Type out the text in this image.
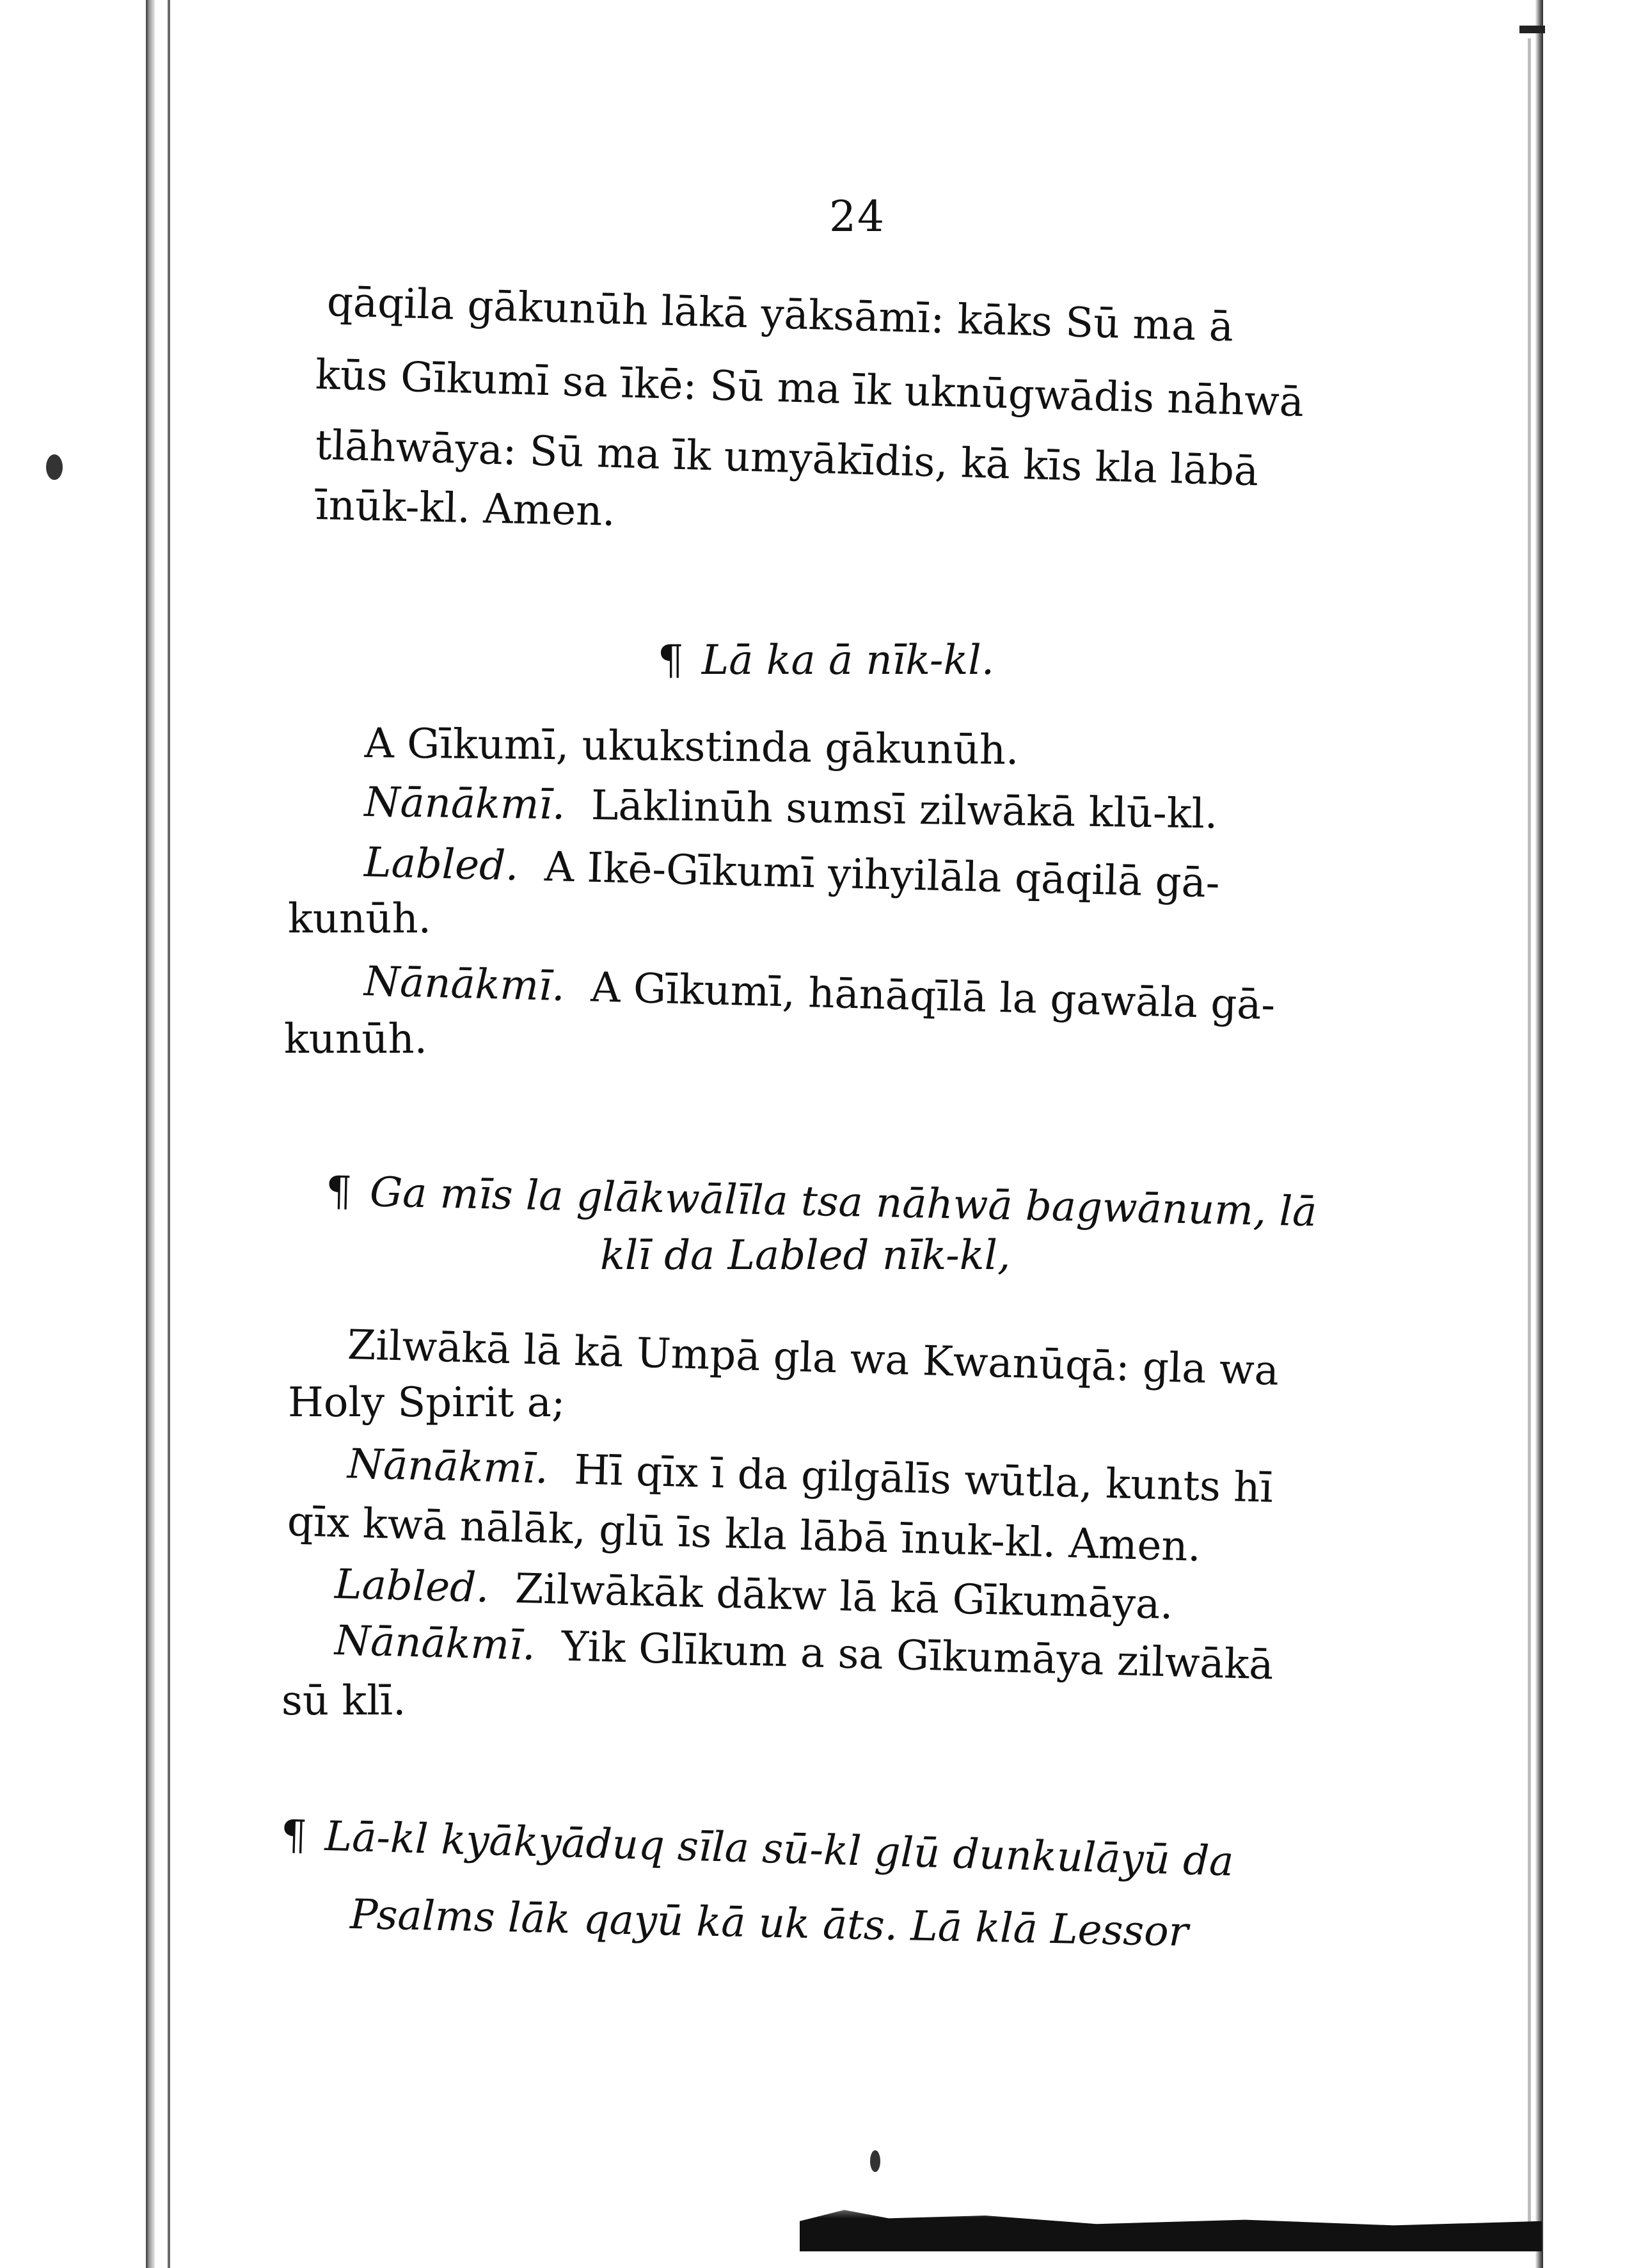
24
qāqila gākunūh lākā yāksāmī: kāks Sū ma ā
kūs Gīkumī sa īkē: Sū ma īk uknūgwādis nāhwā
tlāhwāya: Sū ma īk umyākīdis, kā kīs kla lābā
īnūk-kl. Amen.
¶ Lā ka ā nīk-kl.
A Gīkumī, ukukstinda gākunūh.
Nānākmī. Lāklinūh sumsī zilwākā klū-kl.
Labled. A Ikē-Gīkumī yihyilāla qāqilā gā-
kunūh.
Nānākmī. A Gīkumī, hānāqīlā la gawāla gā-
kunūh.
¶ Ga mīs la glākwālīla tsa nāhwā bagwānum, lā
klī da Labled nīk-kl,
Zilwākā lā kā Umpā gla wa Kwanūqā: gla wa
Holy Spirit a;
Nānākmī. Hī qīx ī da gilgālīs wūtla, kunts hī
qīx kwā nālāk, glū īs kla lābā īnuk-kl. Amen.
Labled. Zilwākāk dākw lā kā Gīkumāya.
Nānākmī. Yik Glīkum a sa Gīkumāya zilwākā
sū klī.
¶ Lā-kl kyākyāduq sīla sū-kl glū dunkulāyū da
Psalms lāk qayū kā uk āts. Lā klā Lessor
